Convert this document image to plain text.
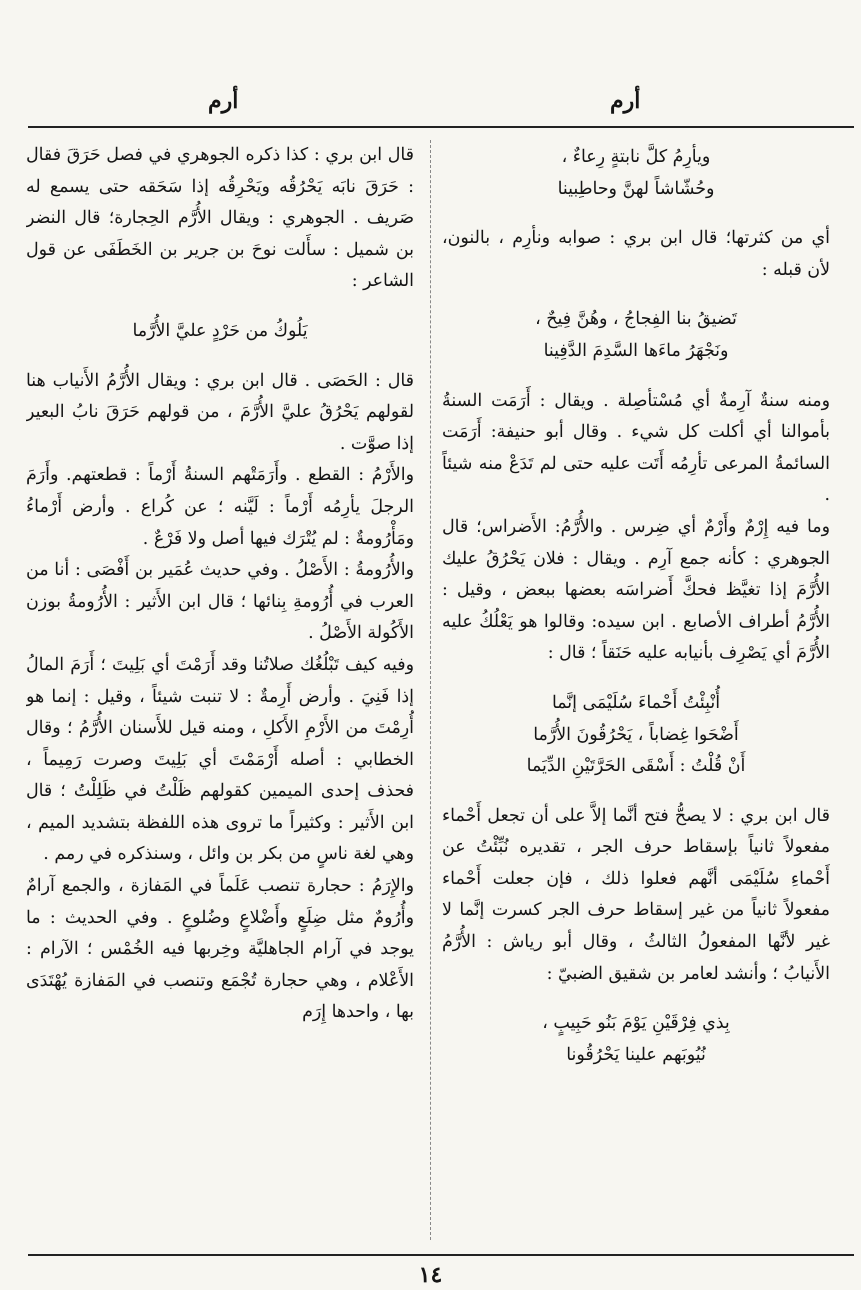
أرم
أرم

ويأرِمُ كلَّ نابتةٍ رِعاءٌ ،

وحُشّاشاً لهنَّ وحاطِبينا

أي من كثرتها؛ قال ابن بري : صوابه ونأرِم ، بالنون، لأن قبله :

تَضيقُ بنا الفِجاجُ ، وهُنَّ فِيحٌ ،

ونَجْهَرُ ماءَها السَّدِمَ الدَّفِينا

ومنه سنةٌ آرِمةٌ أي مُسْتأصِلة . ويقال : أَرَمَت السنةُ بأموالنا أي أكلت كل شيء . وقال أبو حنيفة: أَرَمَت السائمةُ المرعى تأرِمُه أَتَت عليه حتى لم تَدَعْ منه شيئاً .

وما فيه إِرْمٌ وأَرْمٌ أي ضِرس . والأُرَّمُ: الأَضراس؛ قال الجوهري : كأنه جمع آرِم . ويقال : فلان يَحْرُقُ عليك الأُرَّمَ إذا تغيَّظ فحكَّ أَضراسَه بعضها ببعض ، وقيل : الأُرَّمُ أطراف الأصابع . ابن سيده: وقالوا هو يَعْلُكُ عليه الأُرَّمَ أي يَصْرِف بأنيابه عليه حَنَقاً ؛ قال :

أُنْبِئْتُ أَحْماءَ سُلَيْمَى إنَّما

أَضْحَوا غِضاباً ، يَحْرُقُونَ الأُرَّما

أَنْ قُلْتُ : أَسْقَى الحَرَّتَيْنِ الدِّيَما

قال ابن بري : لا يصحُّ فتح أنَّما إلاَّ على أن تجعل أَحْماء مفعولاً ثانياً بإسقاط حرف الجر ، تقديره نُبِّئْتُ عن أَحْماءِ سُلَيْمَى أنَّهم فعلوا ذلك ، فإن جعلت أَحْماء مفعولاً ثانياً من غير إسقاط حرف الجر كسرت إنَّما لا غير لأنَّها المفعولُ الثالثُ ، وقال أبو رياش : الأُرَّمُ الأَنيابُ ؛ وأنشد لعامر بن شقيق الضبيّ :

بِذي فِرْقَيْنِ يَوْمَ بَنُو حَبِيبٍ ،

نُيُوبَهم علينا يَحْرُقُونا

قال ابن بري : كذا ذكره الجوهري في فصل حَرَقَ فقال : حَرَقَ نابَه يَحْرُقُه ويَحْرِقُه إذا سَحَقه حتى يسمع له صَريف . الجوهري : ويقال الأُرَّم الحِجارة؛ قال النضر بن شميل : سأَلت نوحَ بن جرير بن الخَطَفَى عن قول الشاعر :

يَلُوكُ من حَرْدٍ عليَّ الأُرَّما

قال : الحَصَى . قال ابن بري : ويقال الأُرَّمُ الأَنياب هنا لقولهم يَحْرُقُ عليَّ الأُرَّمَ ، من قولهم حَرَقَ نابُ البعير إذا صوَّت .

والأَرْمُ : القطع . وأَرَمَتْهم السنةُ أَرْماً : قطعتهم. وأَرَمَ الرجلَ يأرِمُه أَرْماً : لَيَّنه ؛ عن كُراع . وأرض أَرْماءُ ومَأْرُومةٌ : لم يُتْرَك فيها أصل ولا فَرْعٌ .

والأُرُومةُ : الأَصْلُ . وفي حديث عُمَير بن أَفْصَى : أنا من العرب في أُرُومةِ بِنائها ؛ قال ابن الأَثير : الأُرُومةُ بوزن الأَكُولة الأَصْلُ .

وفيه كيف تَبْلُغُك صلاتُنا وقد أَرَمْتَ أي بَلِيتَ ؛ أَرَمَ المالُ إذا فَنِيَ . وأرض أَرِمةٌ : لا تنبت شيئاً ، وقيل : إنما هو أُرِمْتَ من الأَرْمِ الأَكلِ ، ومنه قيل للأَسنان الأُرَّمُ ؛ وقال الخطابي : أصله أَرْمَمْتَ أي بَلِيتَ وصرت رَمِيماً ، فحذف إحدى الميمين كقولهم ظَلْتُ في ظَلِلْتُ ؛ قال ابن الأَثير : وكثيراً ما تروى هذه اللفظة بتشديد الميم ، وهي لغة ناسٍ من بكر بن وائل ، وسنذكره في رمم .

والإِرَمُ : حجارة تنصب عَلَماً في المَفازة ، والجمع آرامٌ وأُرُومٌ مثل ضِلَعٍ وأَضْلاعٍ وضُلوعٍ . وفي الحديث : ما يوجد في آرام الجاهليَّة وخِربها فيه الخُمْس ؛ الآرام : الأَعْلام ، وهي حجارة تُجْمَع وتنصب في المَفازة يُهْتَدَى بها ، واحدها إِرَم

١٤
